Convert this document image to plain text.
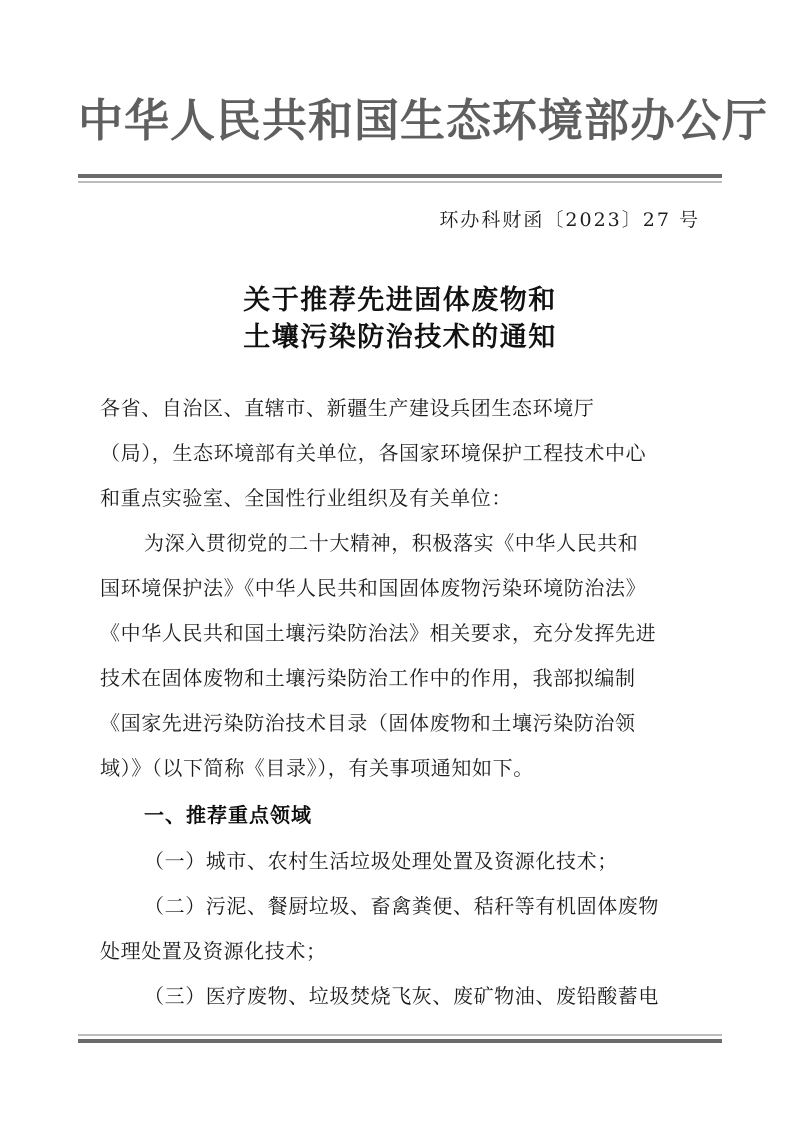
中华人民共和国生态环境部办公厅
环办科财函〔2023〕27 号
关于推荐先进固体废物和
土壤污染防治技术的通知
各省、自治区、直辖市、新疆生产建设兵团生态环境厅
（局），生态环境部有关单位，各国家环境保护工程技术中心
和重点实验室、全国性行业组织及有关单位：
为深入贯彻党的二十大精神，积极落实《中华人民共和
国环境保护法》《中华人民共和国固体废物污染环境防治法》
《中华人民共和国土壤污染防治法》相关要求，充分发挥先进
技术在固体废物和土壤污染防治工作中的作用，我部拟编制
《国家先进污染防治技术目录（固体废物和土壤污染防治领
域）》（以下简称《目录》），有关事项通知如下。
一、推荐重点领域
（一）城市、农村生活垃圾处理处置及资源化技术；
（二）污泥、餐厨垃圾、畜禽粪便、秸秆等有机固体废物
处理处置及资源化技术；
（三）医疗废物、垃圾焚烧飞灰、废矿物油、废铅酸蓄电
